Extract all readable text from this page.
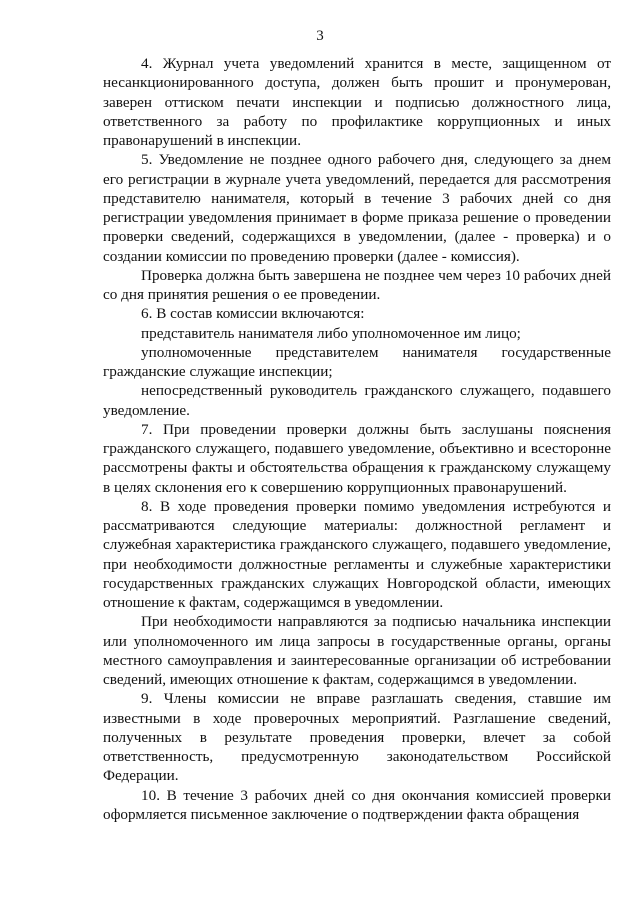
3

4. Журнал учета уведомлений хранится в месте, защищенном от несанкционированного доступа, должен быть прошит и пронумерован, заверен оттиском печати инспекции и подписью должностного лица, ответственного за работу по профилактике коррупционных и иных правонарушений в инспекции.

5. Уведомление не позднее одного рабочего дня, следующего за днем его регистрации в журнале учета уведомлений, передается для рассмотрения представителю нанимателя, который в течение 3 рабочих дней со дня регистрации уведомления принимает в форме приказа решение о проведении проверки сведений, содержащихся в уведомлении, (далее - проверка) и о создании комиссии по проведению проверки (далее - комиссия).

Проверка должна быть завершена не позднее чем через 10 рабочих дней со дня принятия решения о ее проведении.

6. В состав комиссии включаются:

представитель нанимателя либо уполномоченное им лицо;

уполномоченные представителем нанимателя государственные гражданские служащие инспекции;

непосредственный руководитель гражданского служащего, подавшего уведомление.

7. При проведении проверки должны быть заслушаны пояснения гражданского служащего, подавшего уведомление, объективно и всесторонне рассмотрены факты и обстоятельства обращения к гражданскому служащему в целях склонения его к совершению коррупционных правонарушений.

8. В ходе проведения проверки помимо уведомления истребуются и рассматриваются следующие материалы: должностной регламент и служебная характеристика гражданского служащего, подавшего уведомление, при необходимости должностные регламенты и служебные характеристики государственных гражданских служащих Новгородской области, имеющих отношение к фактам, содержащимся в уведомлении.

При необходимости направляются за подписью начальника инспекции или уполномоченного им лица запросы в государственные органы, органы местного самоуправления и заинтересованные организации об истребовании сведений, имеющих отношение к фактам, содержащимся в уведомлении.

9. Члены комиссии не вправе разглашать сведения, ставшие им известными в ходе проверочных мероприятий. Разглашение сведений, полученных в результате проведения проверки, влечет за собой ответственность, предусмотренную законодательством Российской Федерации.

10. В течение 3 рабочих дней со дня окончания комиссией проверки оформляется письменное заключение о подтверждении факта обращения
